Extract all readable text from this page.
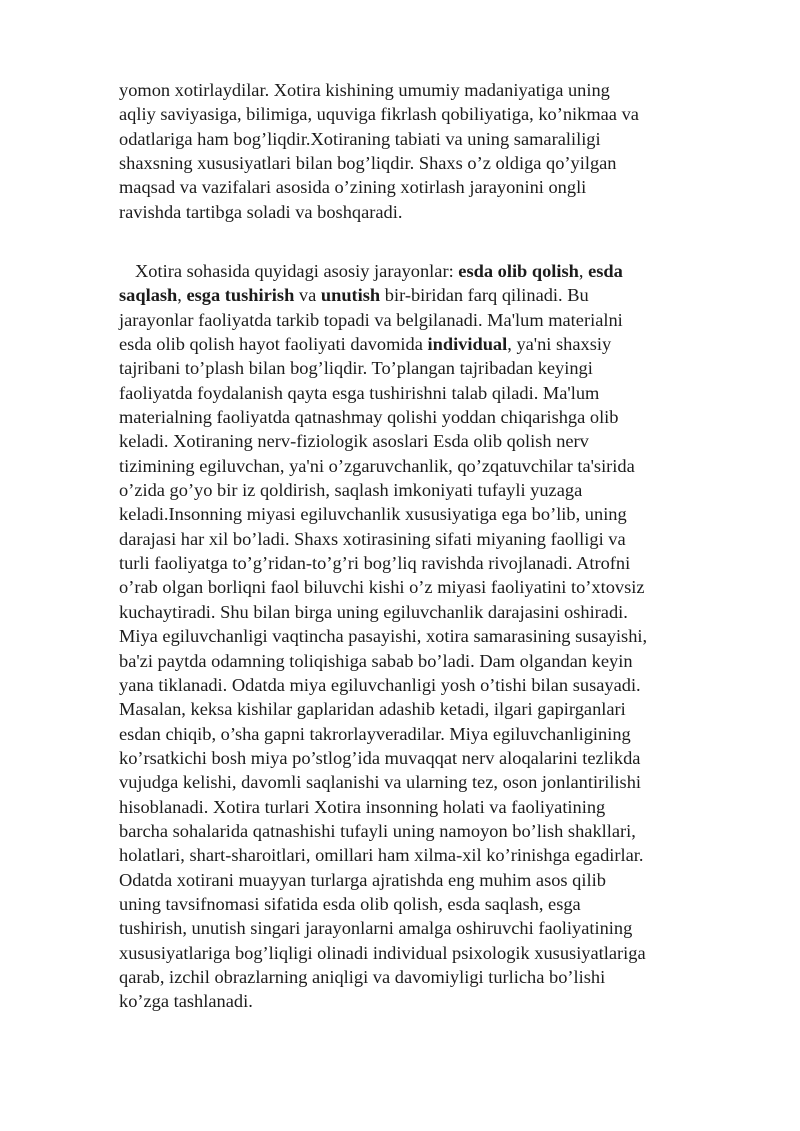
yomon xotirlaydilar. Xotira kishining umumiy madaniyatiga uning
aqliy saviyasiga, bilimiga, uquviga fikrlash qobiliyatiga, ko’nikmaa va
odatlariga ham bog’liqdir.Xotiraning tabiati va uning samaraliligi
shaxsning xususiyatlari bilan bog’liqdir. Shaxs o’z oldiga qo’yilgan
maqsad va vazifalari asosida o’zining xotirlash jarayonini ongli
ravishda tartibga soladi va boshqaradi.

Xotira sohasida quyidagi asosiy jarayonlar: esda olib qolish, esda
saqlash, esga tushirish va unutish bir-biridan farq qilinadi. Bu
jarayonlar faoliyatda tarkib topadi va belgilanadi. Ma'lum materialni
esda olib qolish hayot faoliyati davomida individual, ya'ni shaxsiy
tajribani to’plash bilan bog’liqdir. To’plangan tajribadan keyingi
faoliyatda foydalanish qayta esga tushirishni talab qiladi. Ma'lum
materialning faoliyatda qatnashmay qolishi yoddan chiqarishga olib
keladi. Xotiraning nerv-fiziologik asoslari Esda olib qolish nerv
tizimining egiluvchan, ya'ni o’zgaruvchanlik, qo’zqatuvchilar ta'sirida
o’zida go’yo bir iz qoldirish, saqlash imkoniyati tufayli yuzaga
keladi.Insonning miyasi egiluvchanlik xususiyatiga ega bo’lib, uning
darajasi har xil bo’ladi. Shaxs xotirasining sifati miyaning faolligi va
turli faoliyatga to’g’ridan-to’g’ri bog’liq ravishda rivojlanadi. Atrofni
o’rab olgan borliqni faol biluvchi kishi o’z miyasi faoliyatini to’xtovsiz
kuchaytiradi. Shu bilan birga uning egiluvchanlik darajasini oshiradi.
Miya egiluvchanligi vaqtincha pasayishi, xotira samarasining susayishi,
ba'zi paytda odamning toliqishiga sabab bo’ladi. Dam olgandan keyin
yana tiklanadi. Odatda miya egiluvchanligi yosh o’tishi bilan susayadi.
Masalan, keksa kishilar gaplaridan adashib ketadi, ilgari gapirganlari
esdan chiqib, o’sha gapni takrorlayveradilar. Miya egiluvchanligining
ko’rsatkichi bosh miya po’stlog’ida muvaqqat nerv aloqalarini tezlikda
vujudga kelishi, davomli saqlanishi va ularning tez, oson jonlantirilishi
hisoblanadi. Xotira turlari Xotira insonning holati va faoliyatining
barcha sohalarida qatnashishi tufayli uning namoyon bo’lish shakllari,
holatlari, shart-sharoitlari, omillari ham xilma-xil ko’rinishga egadirlar.
Odatda xotirani muayyan turlarga ajratishda eng muhim asos qilib
uning tavsifnomasi sifatida esda olib qolish, esda saqlash, esga
tushirish, unutish singari jarayonlarni amalga oshiruvchi faoliyatining
xususiyatlariga bog’liqligi olinadi individual psixologik xususiyatlariga
qarab, izchil obrazlarning aniqligi va davomiyligi turlicha bo’lishi
ko’zga tashlanadi.
